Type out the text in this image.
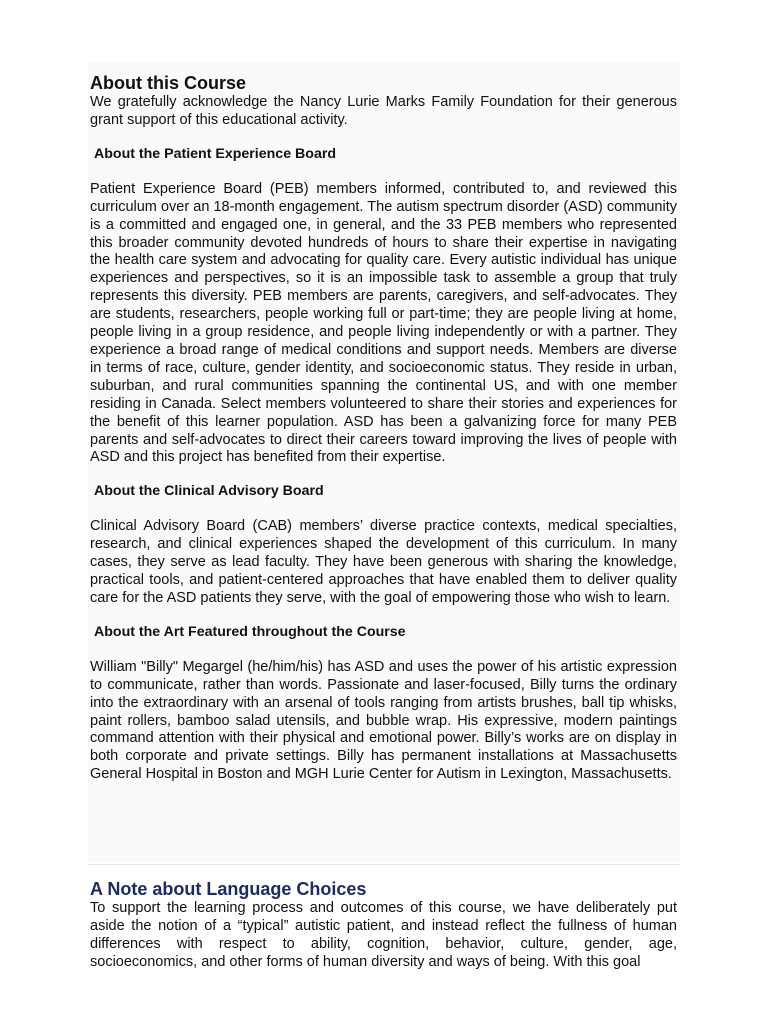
About this Course

We gratefully acknowledge the Nancy Lurie Marks Family Foundation for their generous grant support of this educational activity.

About the Patient Experience Board

Patient Experience Board (PEB) members informed, contributed to, and reviewed this curriculum over an 18-month engagement. The autism spectrum disorder (ASD) community is a committed and engaged one, in general, and the 33 PEB members who represented this broader community devoted hundreds of hours to share their expertise in navigating the health care system and advocating for quality care. Every autistic individual has unique experiences and perspectives, so it is an impossible task to assemble a group that truly represents this diversity. PEB members are parents, caregivers, and self-advocates. They are students, researchers, people working full or part-time; they are people living at home, people living in a group residence, and people living independently or with a partner. They experience a broad range of medical conditions and support needs. Members are diverse in terms of race, culture, gender identity, and socioeconomic status. They reside in urban, suburban, and rural communities spanning the continental US, and with one member residing in Canada. Select members volunteered to share their stories and experiences for the benefit of this learner population. ASD has been a galvanizing force for many PEB parents and self-advocates to direct their careers toward improving the lives of people with ASD and this project has benefited from their expertise.

About the Clinical Advisory Board

Clinical Advisory Board (CAB) members’ diverse practice contexts, medical specialties, research, and clinical experiences shaped the development of this curriculum. In many cases, they serve as lead faculty. They have been generous with sharing the knowledge, practical tools, and patient-centered approaches that have enabled them to deliver quality care for the ASD patients they serve, with the goal of empowering those who wish to learn.

About the Art Featured throughout the Course

William "Billy" Megargel (he/him/his) has ASD and uses the power of his artistic expression to communicate, rather than words. Passionate and laser-focused, Billy turns the ordinary into the extraordinary with an arsenal of tools ranging from artists brushes, ball tip whisks, paint rollers, bamboo salad utensils, and bubble wrap. His expressive, modern paintings command attention with their physical and emotional power. Billy’s works are on display in both corporate and private settings. Billy has permanent installations at Massachusetts General Hospital in Boston and MGH Lurie Center for Autism in Lexington, Massachusetts.

A Note about Language Choices

To support the learning process and outcomes of this course, we have deliberately put aside the notion of a “typical” autistic patient, and instead reflect the fullness of human differences with respect to ability, cognition, behavior, culture, gender, age, socioeconomics, and other forms of human diversity and ways of being. With this goal
